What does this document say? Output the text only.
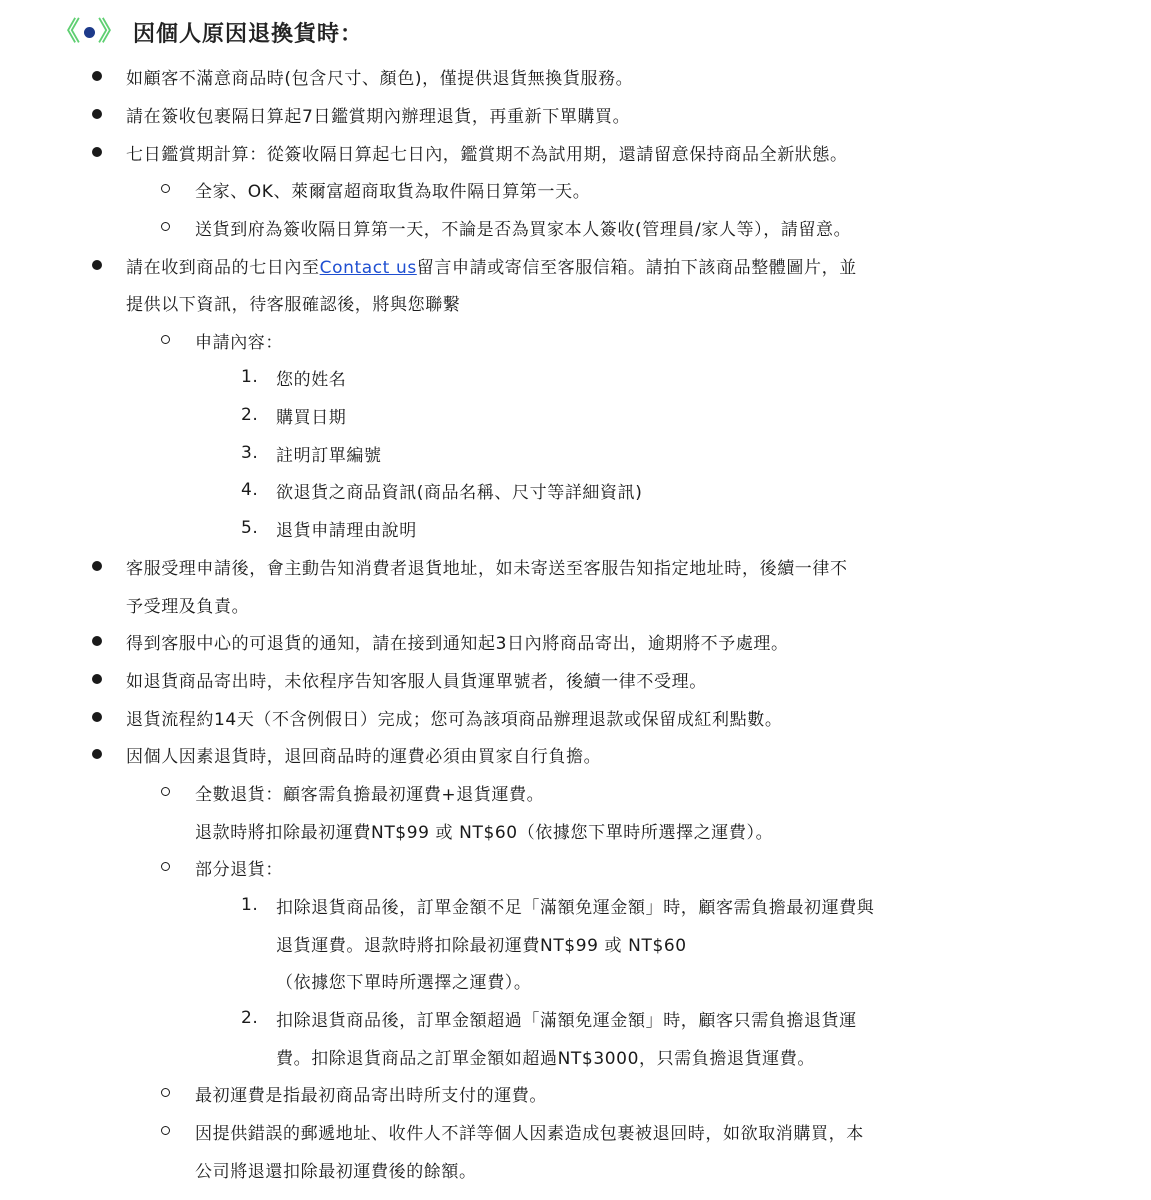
《 》 因個人原因退換貨時：
如顧客不滿意商品時(包含尺寸、顏色)，僅提供退貨無換貨服務。
請在簽收包裹隔日算起7日鑑賞期內辦理退貨，再重新下單購買。
七日鑑賞期計算：從簽收隔日算起七日內，鑑賞期不為試用期，還請留意保持商品全新狀態。
全家、OK、萊爾富超商取貨為取件隔日算第一天。
送貨到府為簽收隔日算第一天，不論是否為買家本人簽收(管理員/家人等），請留意。
請在收到商品的七日內至Contact us留言申請或寄信至客服信箱。請拍下該商品整體圖片，並
提供以下資訊，待客服確認後，將與您聯繫
申請內容：
1. 您的姓名
2. 購買日期
3. 註明訂單編號
4. 欲退貨之商品資訊(商品名稱、尺寸等詳細資訊)
5. 退貨申請理由說明
客服受理申請後，會主動告知消費者退貨地址，如未寄送至客服告知指定地址時，後續一律不
予受理及負責。
得到客服中心的可退貨的通知，請在接到通知起3日內將商品寄出，逾期將不予處理。
如退貨商品寄出時，未依程序告知客服人員貨運單號者，後續一律不受理。
退貨流程約14天（不含例假日）完成；您可為該項商品辦理退款或保留成紅利點數。
因個人因素退貨時，退回商品時的運費必須由買家自行負擔。
全數退貨：顧客需負擔最初運費+退貨運費。
退款時將扣除最初運費NT$99 或 NT$60（依據您下單時所選擇之運費）。
部分退貨：
1. 扣除退貨商品後，訂單金額不足「滿額免運金額」時，顧客需負擔最初運費與
退貨運費。退款時將扣除最初運費NT$99 或 NT$60
（依據您下單時所選擇之運費）。
2. 扣除退貨商品後，訂單金額超過「滿額免運金額」時，顧客只需負擔退貨運
費。扣除退貨商品之訂單金額如超過NT$3000，只需負擔退貨運費。
最初運費是指最初商品寄出時所支付的運費。
因提供錯誤的郵遞地址、收件人不詳等個人因素造成包裹被退回時，如欲取消購買，本
公司將退還扣除最初運費後的餘額。
